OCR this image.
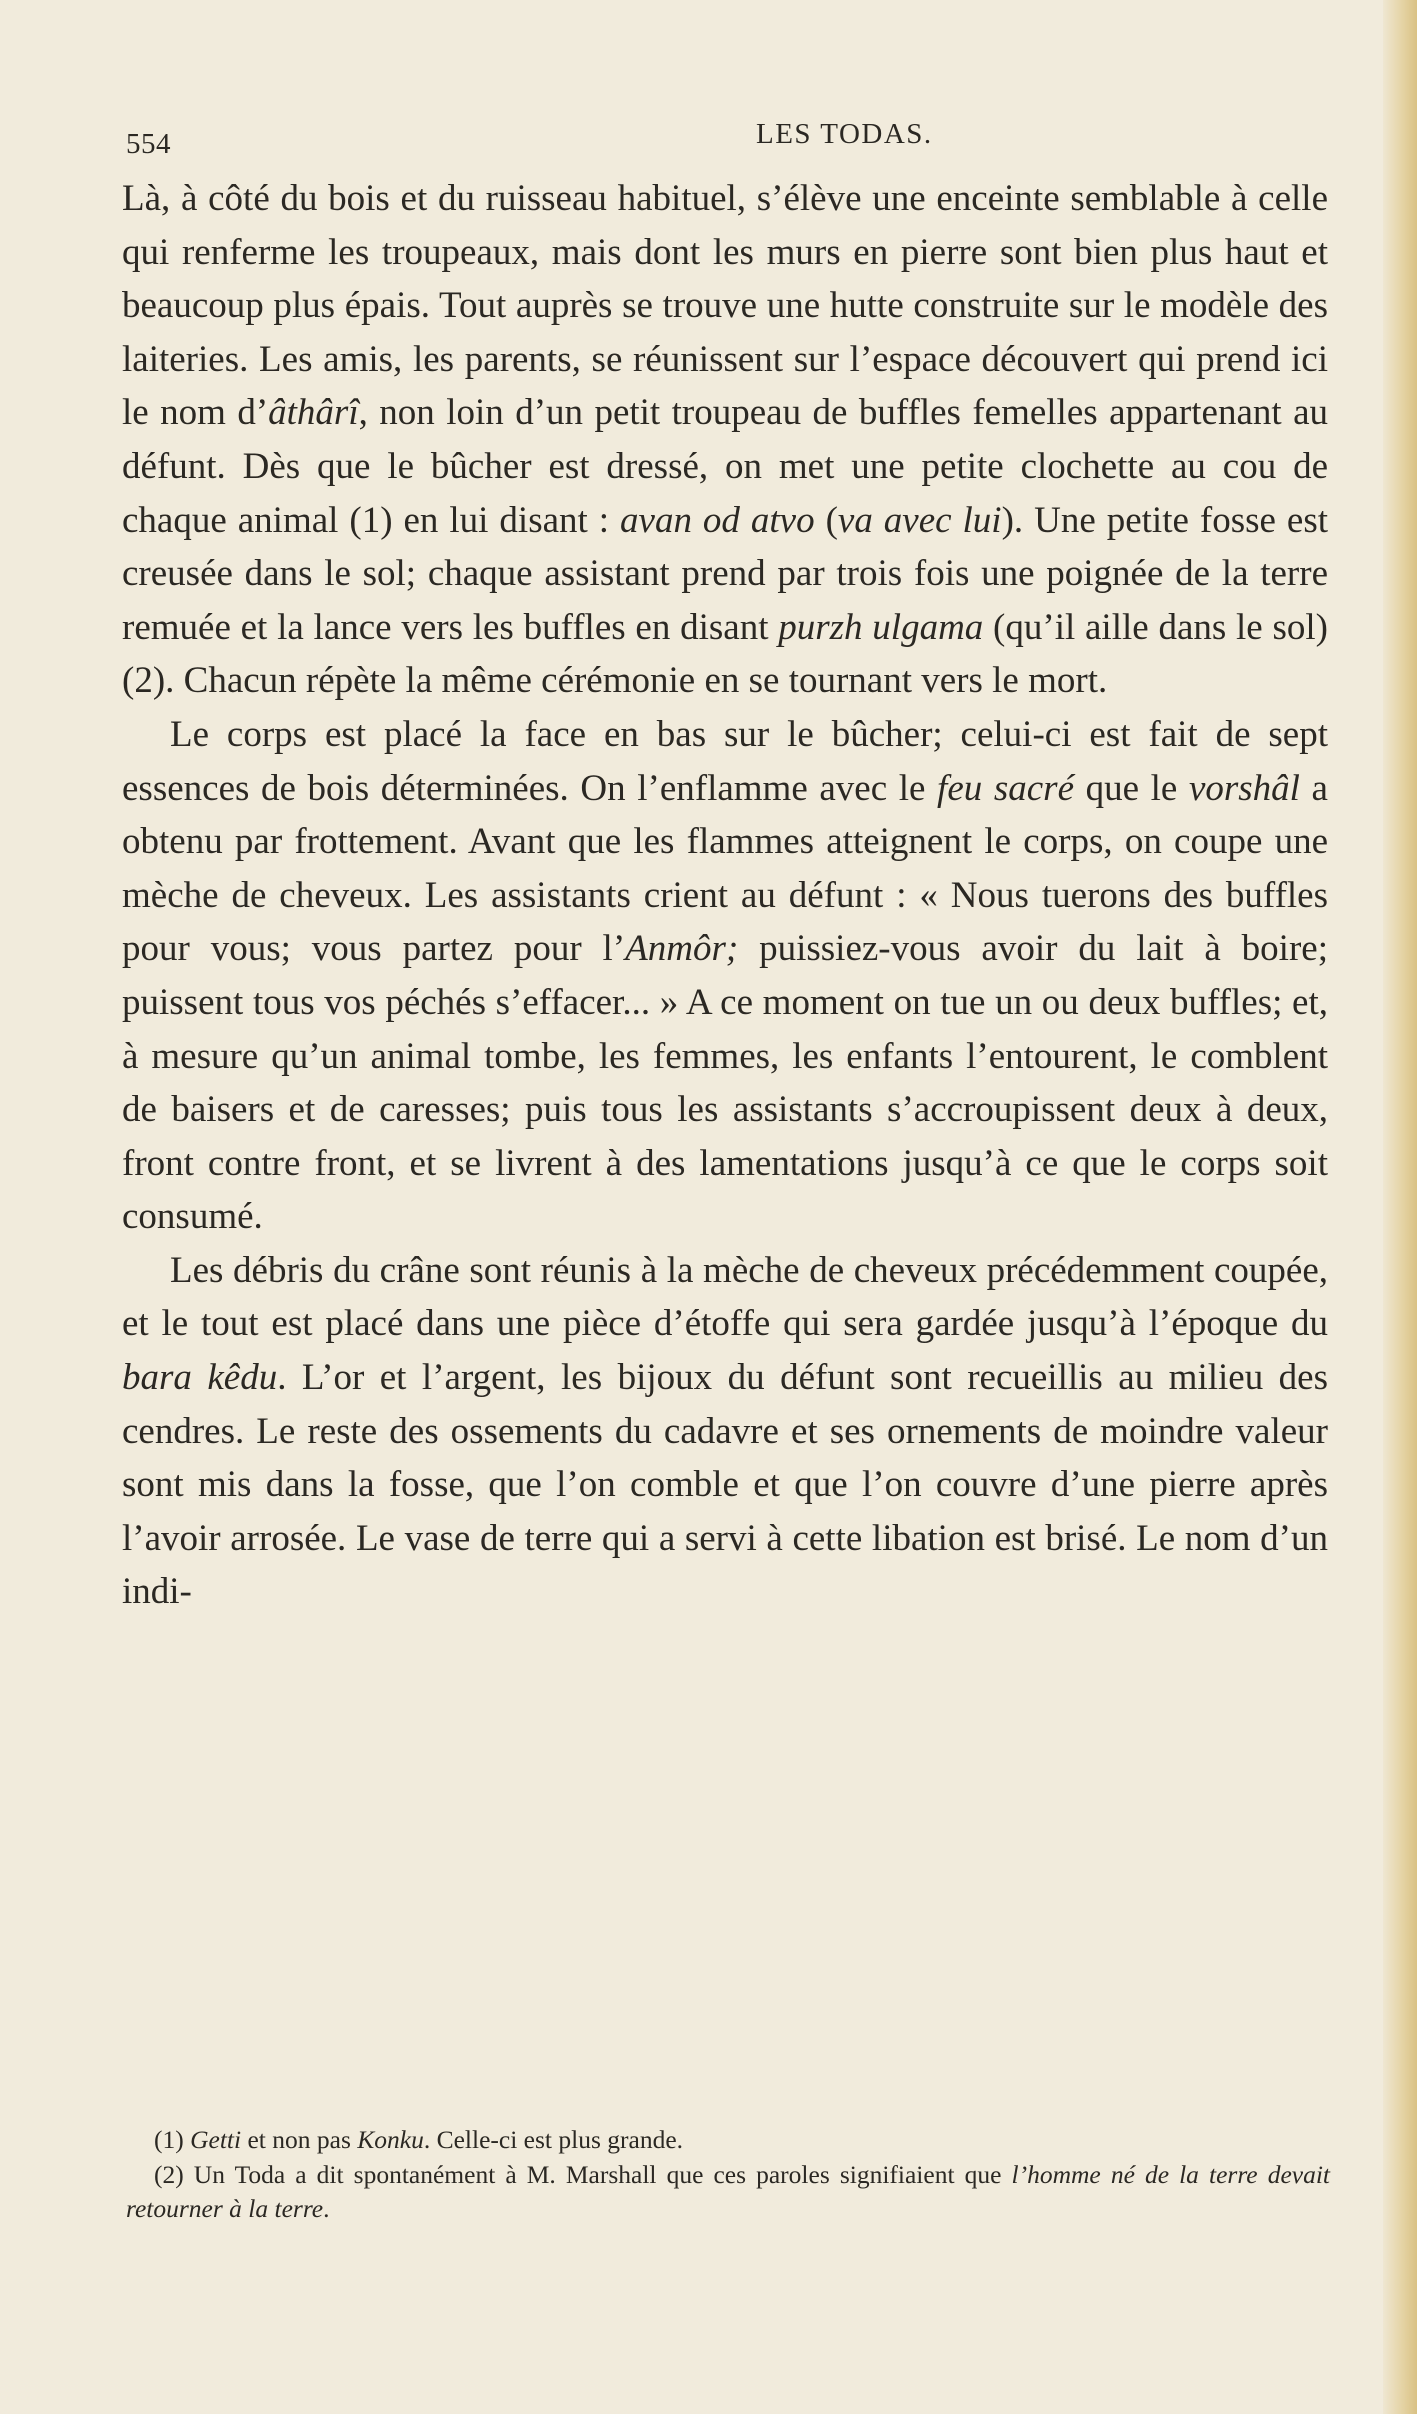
554	LES TODAS.

Là, à côté du bois et du ruisseau habituel, s’élève une enceinte semblable à celle qui renferme les troupeaux, mais dont les murs en pierre sont bien plus haut et beaucoup plus épais. Tout auprès se trouve une hutte construite sur le modèle des laiteries. Les amis, les parents, se réunissent sur l’espace découvert qui prend ici le nom d’âthârî, non loin d’un petit troupeau de buffles femelles appartenant au défunt. Dès que le bûcher est dressé, on met une petite clochette au cou de chaque animal (1) en lui disant : avan od atvo (va avec lui). Une petite fosse est creusée dans le sol; chaque assistant prend par trois fois une poignée de la terre remuée et la lance vers les buffles en disant purzh ulgama (qu’il aille dans le sol) (2). Chacun répète la même cérémonie en se tournant vers le mort.

Le corps est placé la face en bas sur le bûcher; celui-ci est fait de sept essences de bois déterminées. On l’enflamme avec le feu sacré que le vorshâl a obtenu par frottement. Avant que les flammes atteignent le corps, on coupe une mèche de cheveux. Les assistants crient au défunt : « Nous tuerons des buffles pour vous; vous partez pour l’Anmôr; puissiez-vous avoir du lait à boire; puissent tous vos péchés s’effacer... » A ce moment on tue un ou deux buffles; et, à mesure qu’un animal tombe, les femmes, les enfants l’entourent, le comblent de baisers et de caresses; puis tous les assistants s’accroupissent deux à deux, front contre front, et se livrent à des lamentations jusqu’à ce que le corps soit consumé.

Les débris du crâne sont réunis à la mèche de cheveux précédemment coupée, et le tout est placé dans une pièce d’étoffe qui sera gardée jusqu’à l’époque du bara kêdu. L’or et l’argent, les bijoux du défunt sont recueillis au milieu des cendres. Le reste des ossements du cadavre et ses ornements de moindre valeur sont mis dans la fosse, que l’on comble et que l’on couvre d’une pierre après l’avoir arrosée. Le vase de terre qui a servi à cette libation est brisé. Le nom d’un indi-

(1) Getti et non pas Konku. Celle-ci est plus grande.

(2) Un Toda a dit spontanément à M. Marshall que ces paroles signifiaient que l’homme né de la terre devait retourner à la terre.
